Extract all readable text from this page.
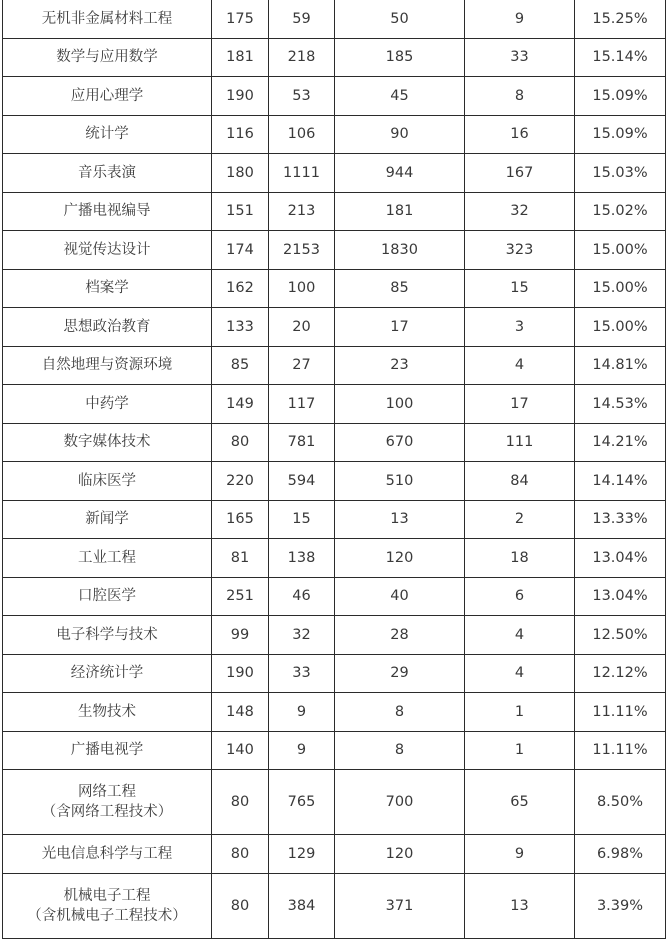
无机非金属材料工程	175	59	50	9	15.25%

数学与应用数学	181	218	185	33	15.14%

应用心理学	190	53	45	8	15.09%

统计学	116	106	90	16	15.09%

音乐表演	180	1111	944	167	15.03%

广播电视编导	151	213	181	32	15.02%

视觉传达设计	174	2153	1830	323	15.00%

档案学	162	100	85	15	15.00%

思想政治教育	133	20	17	3	15.00%

自然地理与资源环境	85	27	23	4	14.81%

中药学	149	117	100	17	14.53%

数字媒体技术	80	781	670	111	14.21%

临床医学	220	594	510	84	14.14%

新闻学	165	15	13	2	13.33%

工业工程	81	138	120	18	13.04%

口腔医学	251	46	40	6	13.04%

电子科学与技术	99	32	28	4	12.50%

经济统计学	190	33	29	4	12.12%

生物技术	148	9	8	1	11.11%

广播电视学	140	9	8	1	11.11%

网络工程
（含网络工程技术）	80	765	700	65	8.50%

光电信息科学与工程	80	129	120	9	6.98%

机械电子工程
（含机械电子工程技术）	80	384	371	13	3.39%
